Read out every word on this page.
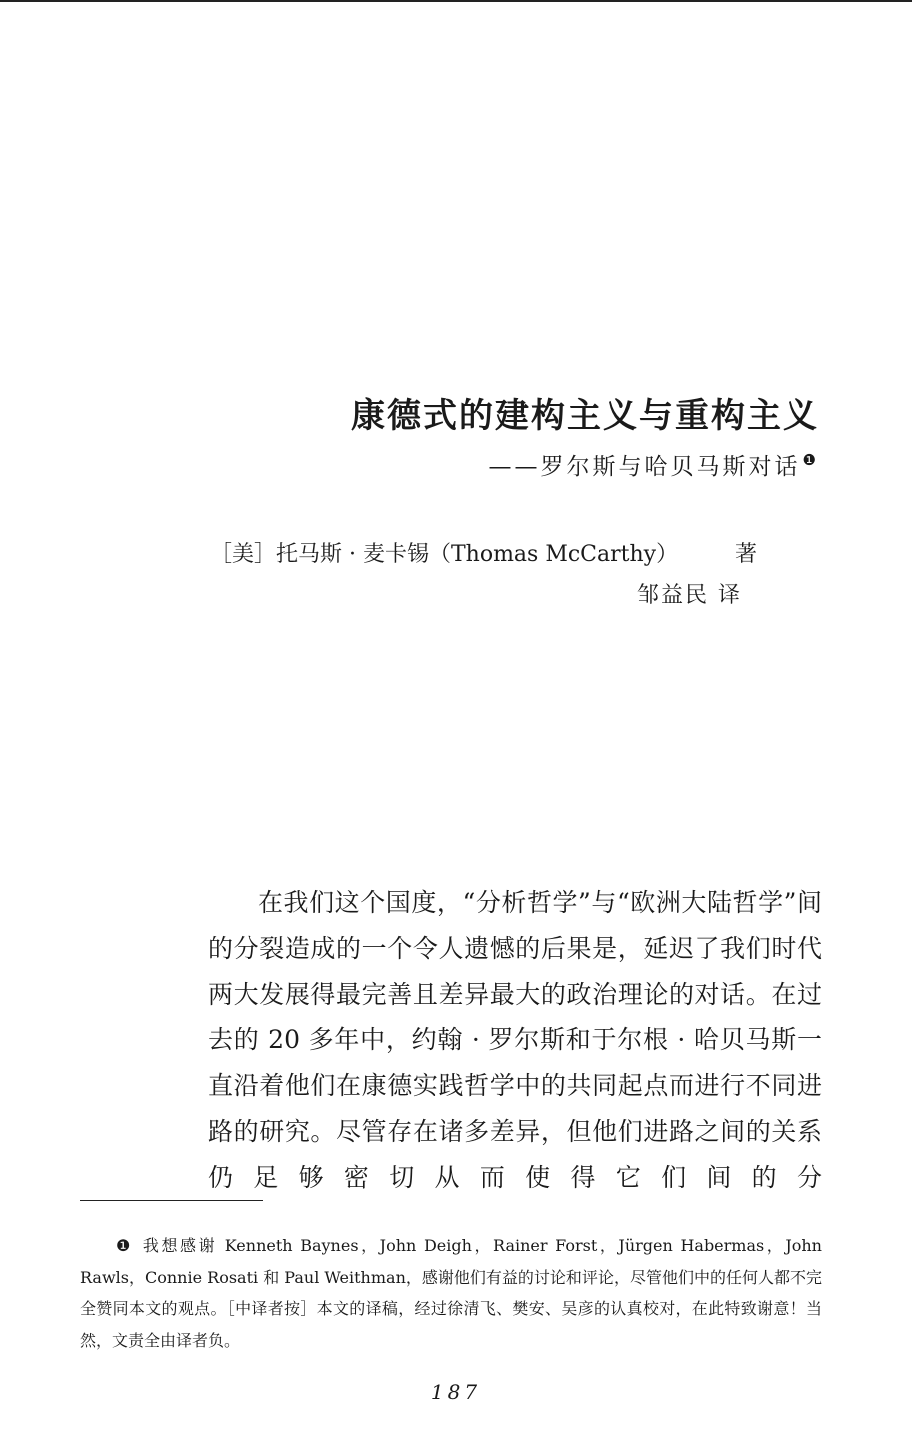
康德式的建构主义与重构主义
——罗尔斯与哈贝马斯对话 $^❶$
［美］托马斯 · 麦卡锡（Thomas McCarthy）	著
邹益民 译

在我们这个国度，“分析哲学”与“欧洲大陆哲学”间的分裂造成的一个令人遗憾的后果是，延迟了我们时代两大发展得最完善且差异最大的政治理论的对话。在过去的 20 多年中，约翰 · 罗尔斯和于尔根 · 哈贝马斯一直沿着他们在康德实践哲学中的共同起点而进行不同进路的研究。尽管存在诸多差异，但他们进路之间的关系仍足够密切从而使得它们间的分

❶ 我想感谢 Kenneth Baynes，John Deigh，Rainer Forst，Jürgen Habermas，John Rawls，Connie Rosati 和 Paul Weithman，感谢他们有益的讨论和评论，尽管他们中的任何人都不完全赞同本文的观点。［中译者按］本文的译稿，经过徐清飞、樊安、吴彦的认真校对，在此特致谢意！当然，文责全由译者负。

187
